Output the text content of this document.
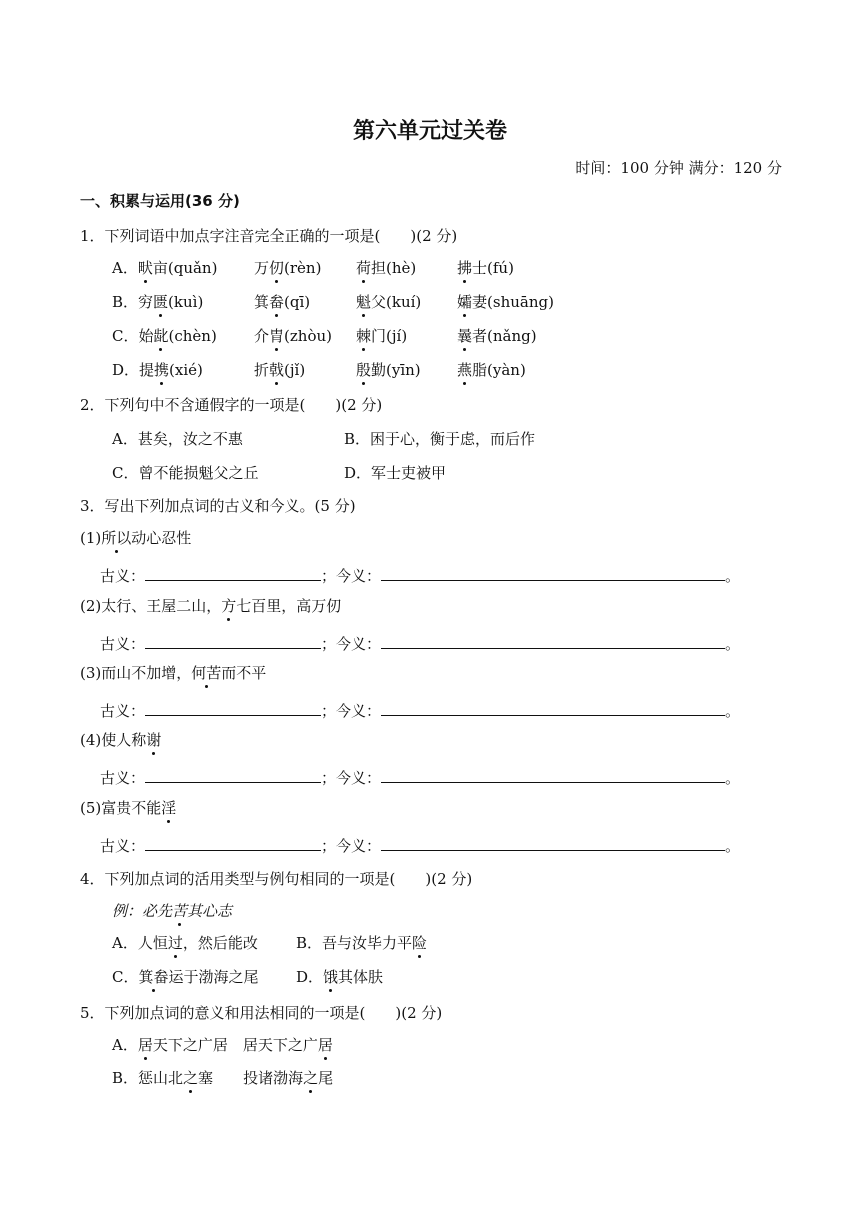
第六单元过关卷
时间：100 分钟 满分：120 分
一、积累与运用(36 分)
1．下列词语中加点字注音完全正确的一项是(　　)(2 分)
A．畎亩(quǎn) 万仞(rèn) 荷担(hè)	拂士(fú)
B．穷匮(kuì)	箕畚(qī)	魁父(kuí) 孀妻(shuāng)
C．始龀(chèn) 介胄(zhòu) 棘门(jí)	曩者(nǎng)
D．提携(xié)	折戟(jǐ)	殷勤(yīn) 燕脂(yàn)
2．下列句中不含通假字的一项是(　　)(2 分)
A．甚矣，汝之不惠	B．困于心，衡于虑，而后作
C．曾不能损魁父之丘	D．军士吏被甲
3．写出下列加点词的古义和今义。(5 分)
(1)所以动心忍性
古义：	；今义：	。
(2)太行、王屋二山，方七百里，高万仞
古义：	；今义：	。
(3)而山不加增，何苦而不平
古义：	；今义：	。
(4)使人称谢
古义：	；今义：	。
(5)富贵不能淫
古义：	；今义：	。
4．下列加点词的活用类型与例句相同的一项是(　　)(2 分)
例：必先苦其心志
A．人恒过，然后能改	B．吾与汝毕力平险
C．箕畚运于渤海之尾 D．饿其体肤
5．下列加点词的意义和用法相同的一项是(　　)(2 分)
A．居天下之广居　 居天下之广居
B．惩山北之塞　　 投诸渤海之尾
